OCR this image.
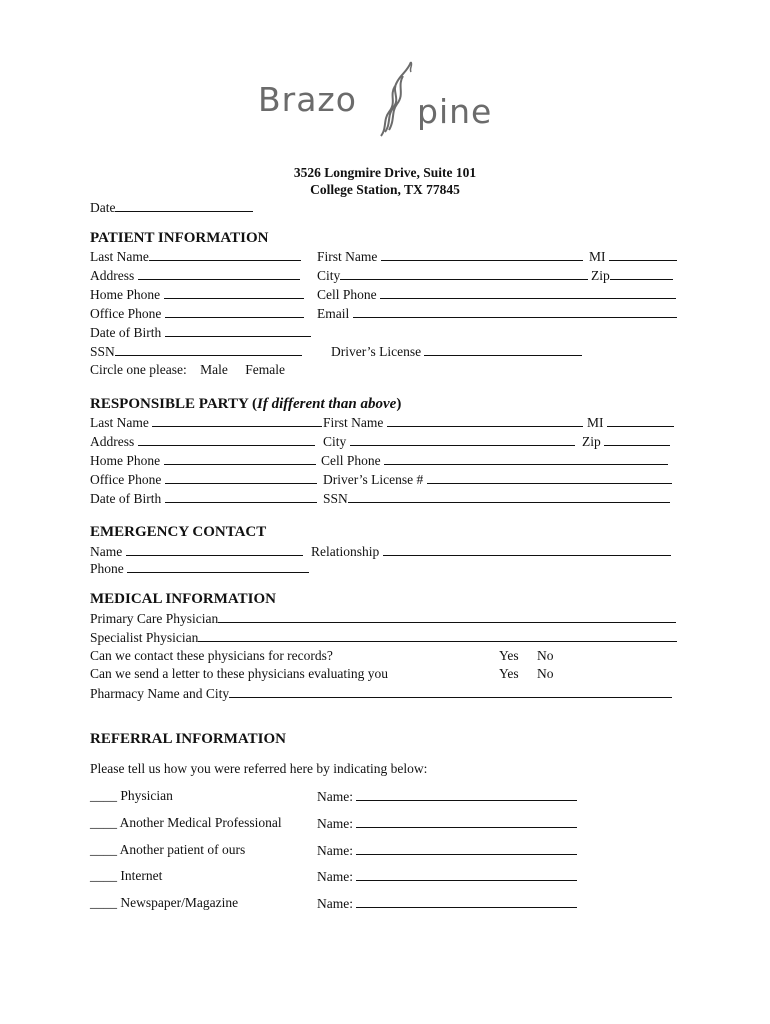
Brazo pine
3526 Longmire Drive, Suite 101
College Station, TX 77845
Date
PATIENT INFORMATION
Last Name	First Name	MI
Address	City	Zip
Home Phone	Cell Phone
Office Phone	Email
Date of Birth
SSN	Driver’s License
Circle one please: Male Female
RESPONSIBLE PARTY (If different than above)
Last Name	First Name	MI
Address	City	Zip
Home Phone	Cell Phone
Office Phone	Driver’s License #
Date of Birth	SSN
EMERGENCY CONTACT
Name	Relationship
Phone
MEDICAL INFORMATION
Primary Care Physician
Specialist Physician
Can we contact these physicians for records?	Yes No
Can we send a letter to these physicians evaluating you	Yes No
Pharmacy Name and City
REFERRAL INFORMATION
Please tell us how you were referred here by indicating below:
____ Physician	Name:
____ Another Medical Professional	Name:
____ Another patient of ours	Name:
____ Internet	Name:
____ Newspaper/Magazine	Name:
